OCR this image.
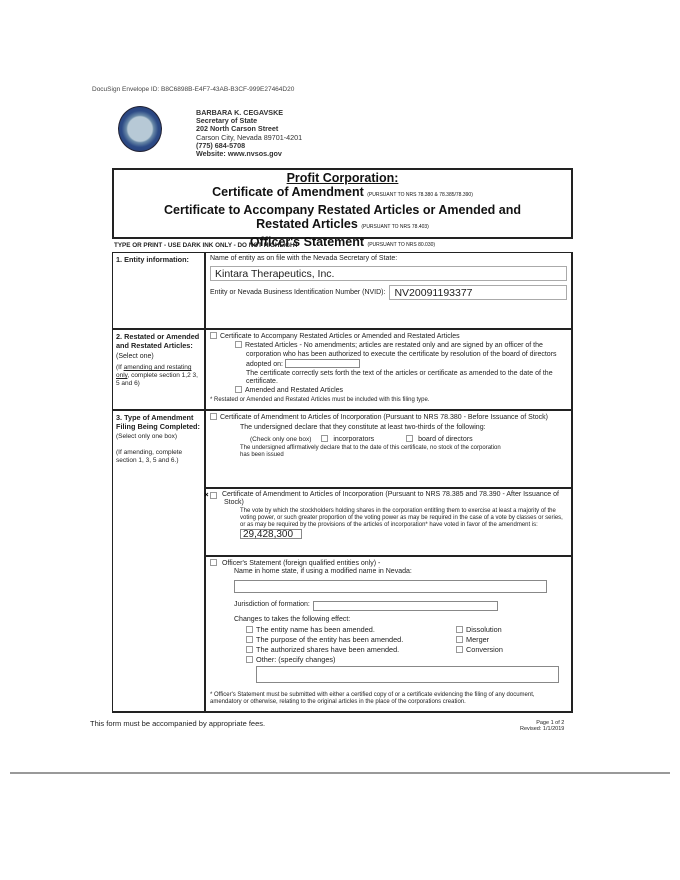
DocuSign Envelope ID: B8C6898B-E4F7-43AB-B3CF-999E27464D20
BARBARA K. CEGAVSKE
Secretary of State
202 North Carson Street
Carson City, Nevada 89701-4201
(775) 684-5708
Website: www.nvsos.gov
Profit Corporation:
Certificate of Amendment (PURSUANT TO NRS 78.380 & 78.385/78.390)
Certificate to Accompany Restated Articles or Amended and
Restated Articles (PURSUANT TO NRS 78.403)
Officer's Statement (PURSUANT TO NRS 80.030)
TYPE OR PRINT - USE DARK INK ONLY - DO NOT HIGHLIGHT
1. Entity information:	Name of entity as on file with the Nevada Secretary of State:
Kintara Therapeutics, Inc.
Entity or Nevada Business Identification Number (NVID): NV20091193377
2. Restated or Amended and Restated Articles:
(Select one)
(If amending and restating only, complete section 1,2 3, 5 and 6)
Certificate to Accompany Restated Articles or Amended and Restated Articles
Restated Articles - No amendments; articles are restated only and are signed by an officer of the corporation who has been authorized to execute the certificate by resolution of the board of directors adopted on:
The certificate correctly sets forth the text of the articles or certificate as amended to the date of the certificate.
Amended and Restated Articles
* Restated or Amended and Restated Articles must be included with this filing type.
3. Type of Amendment Filing Being Completed:
(Select only one box)
(If amending, complete section 1, 3, 5 and 6.)
Certificate of Amendment to Articles of Incorporation (Pursuant to NRS 78.380 - Before Issuance of Stock)
The undersigned declare that they constitute at least two-thirds of the following:
(Check only one box)	incorporators	board of directors
The undersigned affirmatively declare that to the date of this certificate, no stock of the corporation has been issued
× Certificate of Amendment to Articles of Incorporation (Pursuant to NRS 78.385 and 78.390 - After Issuance of Stock)
The vote by which the stockholders holding shares in the corporation entitling them to exercise at least a majority of the voting power, or such greater proportion of the voting power as may be required in the case of a vote by classes or series, or as may be required by the provisions of the articles of incorporation* have voted in favor of the amendment is: 29,428,300
Officer's Statement (foreign qualified entities only) -
Name in home state, if using a modified name in Nevada:
Jurisdiction of formation:
Changes to takes the following effect:
The entity name has been amended.
The purpose of the entity has been amended.
The authorized shares have been amended.
Other: (specify changes)
Dissolution
Merger
Conversion
* Officer's Statement must be submitted with either a certified copy of or a certificate evidencing the filing of any document, amendatory or otherwise, relating to the original articles in the place of the corporations creation.
This form must be accompanied by appropriate fees.	Page 1 of 2
Revised: 1/1/2019
